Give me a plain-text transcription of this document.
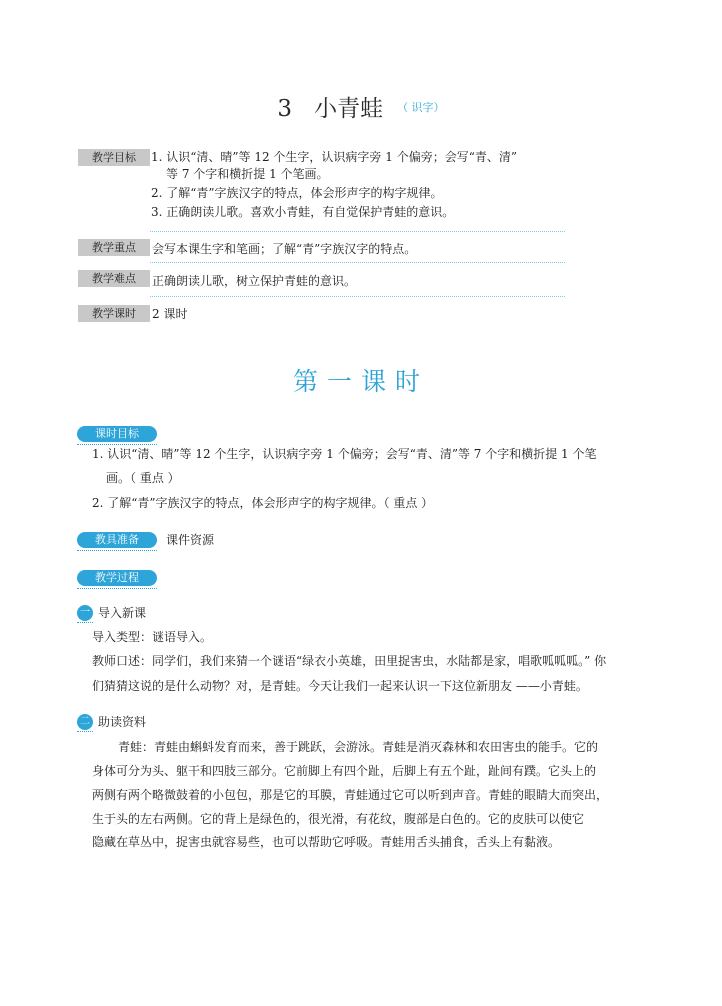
3 小青蛙 $^{( 识字)}$
教学目标	1. 认识“清、晴”等 12 个生字，认识病字旁 1 个偏旁；会写“青、清”
等 7 个字和横折提 1 个笔画。
2. 了解“青”字族汉字的特点，体会形声字的构字规律。
3. 正确朗读儿歌。喜欢小青蛙，有自觉保护青蛙的意识。
教学重点	会写本课生字和笔画；了解“青”字族汉字的特点。
教学难点	正确朗读儿歌，树立保护青蛙的意识。
教学课时	2 课时
第一课时
课时目标
1. 认识“清、晴”等 12 个生字，认识病字旁 1 个偏旁；会写“青、清”等 7 个字和横折提 1 个笔
画。（ 重点 ）
2. 了解“青”字族汉字的特点，体会形声字的构字规律。（ 重点 ）
教具准备	课件资源
教学过程
一 导入新课
导入类型：谜语导入。
教师口述：同学们，我们来猜一个谜语“绿衣小英雄，田里捉害虫，水陆都是家，唱歌呱呱呱。” 你
们猜猜这说的是什么动物？对，是青蛙。今天让我们一起来认识一下这位新朋友 ——小青蛙。
二 助读资料
青蛙：青蛙由蝌蚪发育而来，善于跳跃，会游泳。青蛙是消灭森林和农田害虫的能手。它的
身体可分为头、躯干和四肢三部分。它前脚上有四个趾，后脚上有五个趾，趾间有蹼。它头上的
两侧有两个略微鼓着的小包包，那是它的耳膜，青蛙通过它可以听到声音。青蛙的眼睛大而突出，
生于头的左右两侧。它的背上是绿色的，很光滑，有花纹，腹部是白色的。它的皮肤可以使它
隐藏在草丛中，捉害虫就容易些，也可以帮助它呼吸。青蛙用舌头捕食，舌头上有黏液。
